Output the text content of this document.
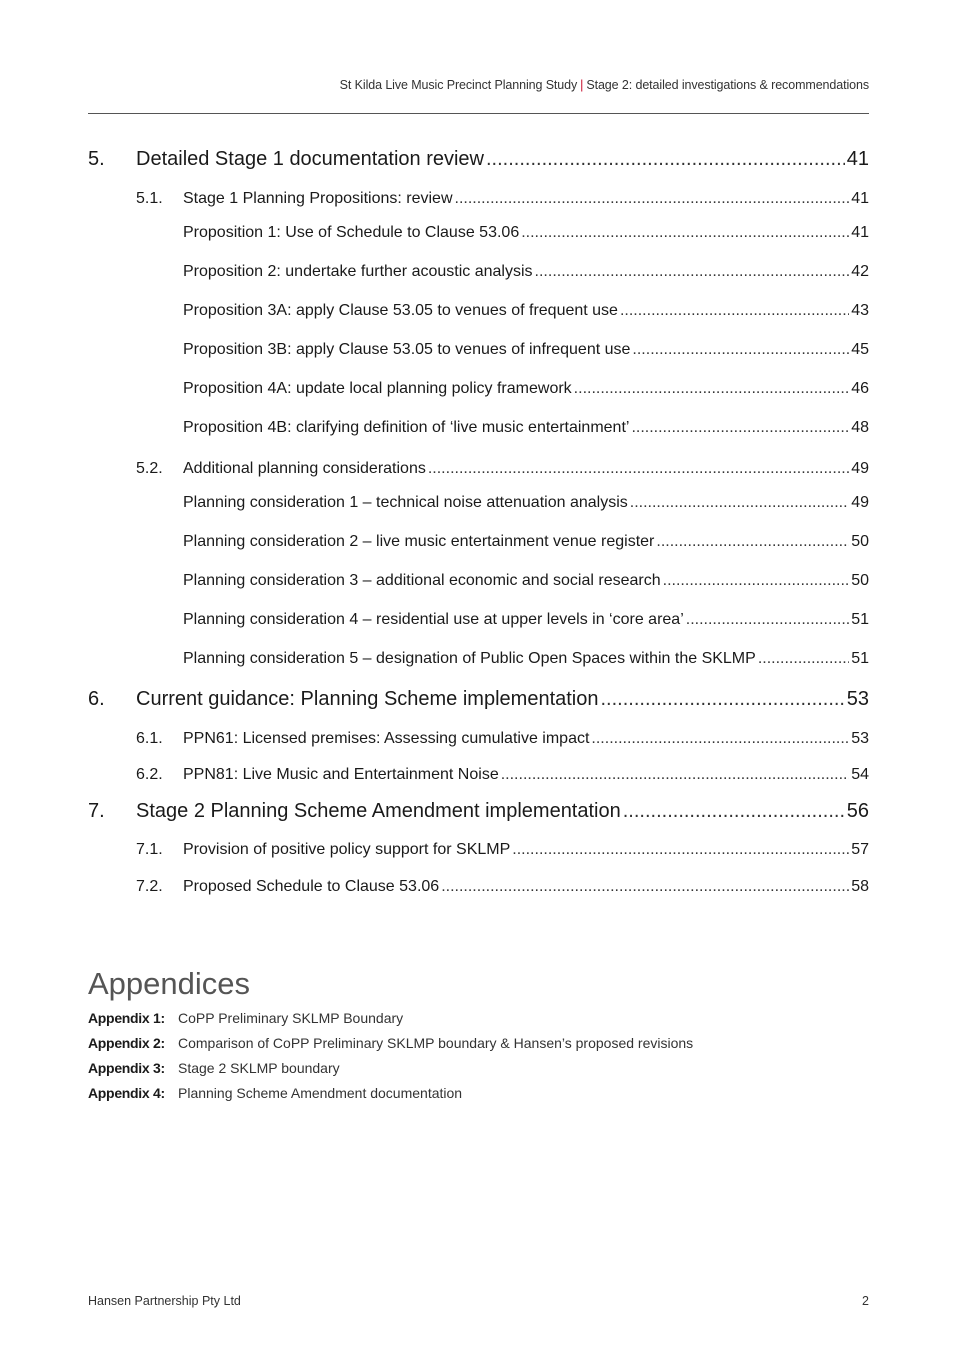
St Kilda Live Music Precinct Planning Study | Stage 2: detailed investigations & recommendations
5. Detailed Stage 1 documentation review .....	41
5.1. Stage 1 Planning Propositions: review .....	41
Proposition 1: Use of Schedule to Clause 53.06 .....	41
Proposition 2: undertake further acoustic analysis .....	42
Proposition 3A: apply Clause 53.05 to venues of frequent use .....	43
Proposition 3B: apply Clause 53.05 to venues of infrequent use .....	45
Proposition 4A: update local planning policy framework .....	46
Proposition 4B: clarifying definition of ‘live music entertainment’ .....	48
5.2. Additional planning considerations .....	49
Planning consideration 1 – technical noise attenuation analysis .....	49
Planning consideration 2 – live music entertainment venue register .....	50
Planning consideration 3 – additional economic and social research .....	50
Planning consideration 4 – residential use at upper levels in ‘core area’ .....	51
Planning consideration 5 – designation of Public Open Spaces within the SKLMP .....	51
6. Current guidance: Planning Scheme implementation .....	53
6.1. PPN61: Licensed premises: Assessing cumulative impact .....	53
6.2. PPN81: Live Music and Entertainment Noise .....	54
7. Stage 2 Planning Scheme Amendment implementation .....	56
7.1. Provision of positive policy support for SKLMP .....	57
7.2. Proposed Schedule to Clause 53.06 .....	58
Appendices
Appendix 1: CoPP Preliminary SKLMP Boundary
Appendix 2: Comparison of CoPP Preliminary SKLMP boundary & Hansen’s proposed revisions
Appendix 3: Stage 2 SKLMP boundary
Appendix 4: Planning Scheme Amendment documentation
Hansen Partnership Pty Ltd	2
